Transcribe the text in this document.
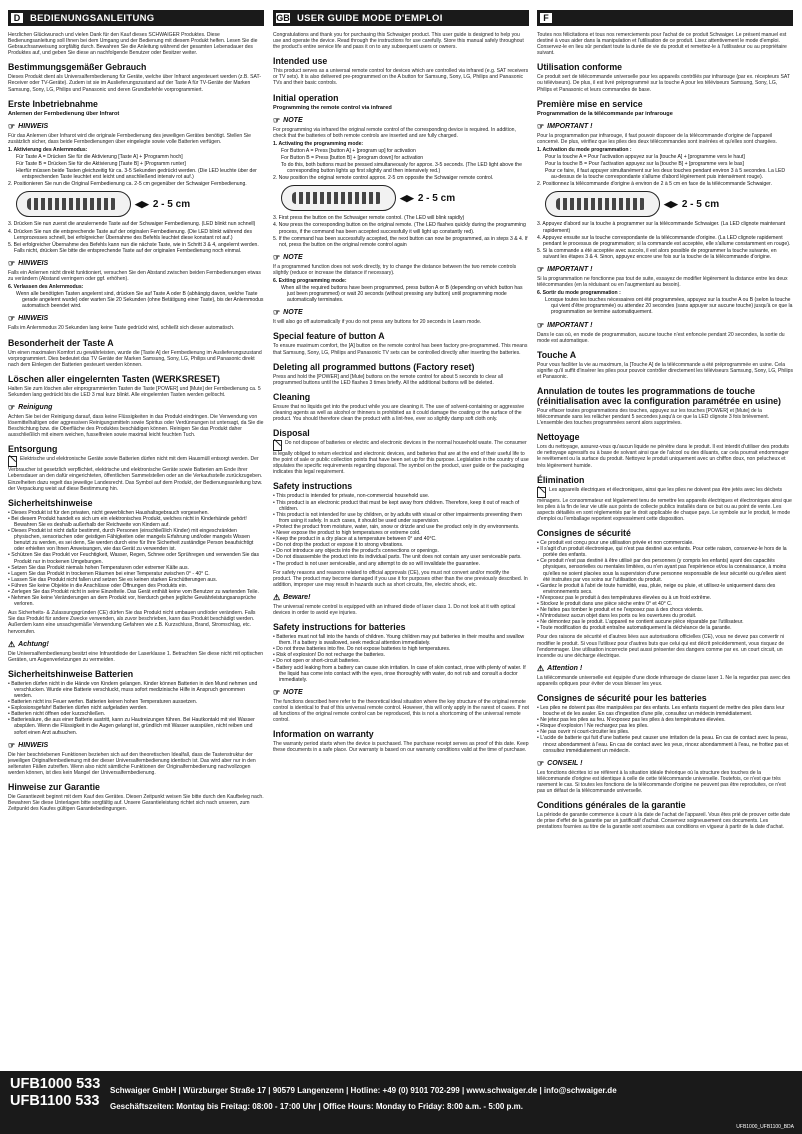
D	BEDIENUNGSANLEITUNG

Herzlichen Glückwunsch und vielen Dank für den Kauf dieses SCHWAIGER Produktes. Diese Bedienungsanleitung soll Ihnen bei dem Umgang und der Bedienung mit diesem Produkt helfen. Lesen Sie die Gebrauchsanweisung sorgfältig durch. Bewahren Sie die Anleitung während der gesamten Lebensdauer des Produktes auf, und geben Sie diese an nachfolgende Benutzer oder Besitzer weiter.

Bestimmungsgemäßer Gebrauch

Dieses Produkt dient als Universalfernbedienung für Geräte, welche über Infrarot angesteuert werden (z.B. SAT-Receiver oder TV-Geräte). Zudem ist sie im Auslieferungszustand auf der Taste A für TV-Geräte der Marken Samsung, Sony, LG, Philips und Panasonic und deren Grundbefehle vorprogrammiert.

Erste Inbetriebnahme
Anlernen der Fernbedienung über Infrarot
☞ HINWEIS

Für das Anlernen über Infrarot wird die originale Fernbedienung des jeweiligen Gerätes benötigt. Stellen Sie zusätzlich sicher, dass beide Fernbedienungen über eingelegte sowie volle Batterien verfügen.

1. Aktivierung des Anlernmodus:
Für Taste A = Drücken Sie für die Aktivierung [Taste A] + [Programm hoch]
Für Taste B = Drücken Sie für die Aktivierung [Taste B] + [Programm runter]
Hierfür müssen beide Tasten gleichzeitig für ca. 3-5 Sekunden gedrückt werden. (Die LED leuchte über der entsprechenden Taste leuchtet erst leicht und anschließend intensiv rot auf.)
2. Positionieren Sie nun die Original Fernbedienung ca. 2-5 cm gegenüber der Schwaiger Fernbedienung.
◀▶ 2 - 5 cm
3. Drücken Sie nun zuerst die anzulernende Taste auf der Schwaiger Fernbedienung. (LED blinkt nun schnell)
4. Drücken Sie nun die entsprechende Taste auf der originalen Fernbedienung. (Die LED blinkt während des Lernprozesses schnell, bei erfolgreicher Übernahme des Befehls leuchtet diese konstant rot auf.)
5. Bei erfolgreicher Übernahme des Befehls kann nun die nächste Taste, wie in Schritt 3 & 4, angelernt werden. Falls nicht, drücken Sie bitte die entsprechende Taste auf der originalen Fernbedienung noch einmal.
☞ HINWEIS

Falls ein Anlernen nicht direkt funktioniert, versuchen Sie den Abstand zwischen beiden Fernbedienungen etwas zu verändern (Abstand verringern oder ggf. erhöhen).

6. Verlassen des Anlernmodus:
Wenn alle benötigten Tasten angelernt sind, drücken Sie auf Taste A oder B (abhängig davon, welche Taste gerade angelernt wurde) oder warten Sie 20 Sekunden (ohne Betätigung einer Taste), bis der Anlernmodus automatisch beendet wird.
☞ HINWEIS

Falls im Anlernmodus 20 Sekunden lang keine Taste gedrückt wird, schließt sich dieser automatisch.

Besonderheit der Taste A

Um einen maximalen Komfort zu gewährleisten, wurde die [Taste A] der Fernbedienung im Auslieferungszustand vorprogrammiert. Dies bedeutet das TV Geräte der Marken Samsung, Sony, LG, Philips und Panasonic direkt nach dem Einlegen der Batterien gesteuert werden können.

Löschen aller eingelernten Tasten (WERKSRESET)

Halten Sie zum löschen aller einprogrammierten Tasten die Taste [POWER] und [Mute] der Fernbedienung ca. 5 Sekunden lang gedrückt bis die LED 3 mal kurz blinkt. Alle eingelernten Tasten werden gelöscht.

☞ Reinigung

Achten Sie bei der Reinigung darauf, dass keine Flüssigkeiten in das Produkt eindringen. Die Verwendung von lösemittelhaltigen oder aggressiven Reinigungsmitteln sowie Spiritus oder Verdünnungen ist untersagt, da Sie die Beschichtung bzw. die Oberfläche des Produktes beschädigen können. Reinigen Sie das Produkt daher ausschließlich mit einem weichen, fusselfreien sowie maximal leicht feuchten Tuch.

Entsorgung

Elektrische und elektronische Geräte sowie Batterien dürfen nicht mit dem Hausmüll entsorgt werden. Der Verbraucher ist gesetzlich verpflichtet, elektrische und elektronische Geräte sowie Batterien am Ende ihrer Lebensdauer an den dafür eingerichteten, öffentlichen Sammelstellen oder an die Verkaufsstelle zurückzugeben. Einzelheiten dazu regelt das jeweilige Landesrecht. Das Symbol auf dem Produkt, der Bedienungsanleitung bzw. der Verpackung weist auf diese Bestimmung hin.

Sicherheitshinweise
• Dieses Produkt ist für den privaten, nicht gewerblichen Haushaltsgebrauch vorgesehen.
• Bei diesem Produkt handelt es sich um ein elektronisches Produkt, welches nicht in Kinderhände gehört! Bewahren Sie es deshalb außerhalb der Reichweite von Kindern auf.
• Dieses Produkt ist nicht dafür bestimmt, durch Personen (einschließlich Kinder) mit eingeschränkten physischen, sensorischen oder geistigen Fähigkeiten oder mangels Erfahrung und/oder mangels Wissen benutzt zu werden, es sei denn, Sie werden durch eine für Ihre Sicherheit zuständige Person beaufsichtigt oder erhielten von Ihnen Anweisungen, wie das Gerät zu verwenden ist.
• Schützen Sie das Produkt vor Feuchtigkeit, Wasser, Regen, Schnee oder Sprühregen und verwenden Sie das Produkt nur in trockenen Umgebungen.
• Setzen Sie das Produkt niemals hohen Temperaturen oder extremer Kälte aus.
• Lagern Sie das Produkt in trockenen Räumen bei einer Temperatur zwischen 0° - 40° C.
• Lassen Sie das Produkt nicht fallen und setzen Sie es keinen starken Erschütterungen aus.
• Führen Sie keine Objekte in die Anschlüsse oder Öffnungen des Produkts ein.
• Zerlegen Sie das Produkt nicht in seine Einzelteile. Das Gerät enthält keine vom Benutzer zu wartenden Teile.
• Nehmen Sie keine Veränderungen an dem Produkt vor, hierdurch gehen jegliche Gewährleistungsansprüche verloren.

Aus Sicherheits- & Zulassungsgründen (CE) dürfen Sie das Produkt nicht umbauen und/oder verändern. Falls Sie das Produkt für andere Zwecke verwenden, als zuvor beschrieben, kann das Produkt beschädigt werden. Außerdem kann eine unsachgemäße Verwendung Gefahren wie z.B. Kurzschluss, Brand, Stromschlag, etc. hervorrufen.

⚠ Achtung!

Die Universalfernbedienung besitzt eine Infrarotdiode der Laserklasse 1. Betrachten Sie diese nicht mit optischen Geräten, um Augenverletzungen zu vermeiden.

Sicherheitshinweise Batterien
• Batterien dürfen nicht in die Hände von Kindern gelangen. Kinder können Batterien in den Mund nehmen und verschlucken. Wurde eine Batterie verschluckt, muss sofort medizinische Hilfe in Anspruch genommen werden.
• Batterien nicht ins Feuer werfen. Batterien keinen hohen Temperaturen aussetzen.
• Explosionsgefahr! Batterien dürfen nicht aufgeladen werden.
• Batterien nicht öffnen oder kurzschließen.
• Batteriesäure, die aus einer Batterie austritt, kann zu Hautreizungen führen. Bei Hautkontakt mit viel Wasser abspülen. Wenn die Flüssigkeit in die Augen gelangt ist, gründlich mit Wasser ausspülen, nicht reiben und sofort einen Arzt aufsuchen.
☞ HINWEIS

Die hier beschriebenen Funktionen beziehen sich auf den theoretischen Idealfall, dass die Tastenstruktur der jeweiligen Originalfernbedienung mit der dieser Universalfernbedienung identisch ist. Das wird aber nur in den seltensten Fällen zutreffen. Wenn also nicht sämtliche Funktionen der Originalfernbedienung nachvollzogen werden können, ist dies kein Mangel der Universalfernbedienung.

Hinweise zur Garantie

Die Garantiezeit beginnt mit dem Kauf des Gerätes. Diesen Zeitpunkt weisen Sie bitte durch den Kaufbeleg nach. Bewahren Sie diese Unterlagen bitte sorgfältig auf. Unsere Garantieleistung richtet sich nach unseren, zum Zeitpunkt des Kaufes gültigen Garantiebedingungen.

GB USER GUIDE MODE D'EMPLOI

Congratulations and thank you for purchasing this Schwaiger product. This user guide is designed to help you use and operate the device. Read through the instructions for use carefully. Store this manual safely throughout the product's entire service life and pass it on to any subsequent users or owners.

Intended use

This product serves as a universal remote control for devices which are controlled via infrared (e.g. SAT receivers or TV sets). It is also delivered pre-programmed on the A button for Samsung, Sony, LG, Philips and Panasonic TVs and their basic controls.

Initial operation
Programming the remote control via infrared
☞ NOTE

For programming via infrared the original remote control of the corresponding device is required. In addition, check that the batteries of both remote controls are inserted and are fully charged.

1. Activating the programming mode:
For Button A = Press [button A] + [program up] for activation
For Button B = Press [button B] + [program down] for activation
To do this, both buttons must be pressed simultaneously for approx. 3-5 seconds. (The LED light above the corresponding button lights up first slightly and then intensively red.)
2. Now position the original remote control approx. 2-5 cm opposite the Schwaiger remote control.
◀▶ 2 - 5 cm
3. First press the button on the Schwaiger remote control. (The LED will blink rapidly)
4. Now press the corresponding button on the original remote. (The LED flashes quickly during the programming process, if the command has been accepted successfully it will light up constantly red).
5. If the command has been successfully accepted, the next button can now be programmed, as in steps 3 & 4. If not, press the button on the original remote control again
☞ NOTE

If a programmed function does not work directly, try to change the distance between the two remote controls slightly (reduce or increase the distance if necessary).

6. Exiting programming mode:
When all the required buttons have been programmed, press button A or B (depending on which button has just been programmed) or wait 20 seconds (without pressing any button) until programming mode automatically terminates.
☞ NOTE

It will also go off automatically if you do not press any buttons for 20 seconds in Learn mode.

Special feature of button A

To ensure maximum comfort, the [A] button on the remote control has been factory pre-programmed. This means that Samsung, Sony, LG, Philips and Panasonic TV sets can be controlled directly after inserting the batteries.

Deleting all programmed buttons (Factory reset)

Press and hold the [POWER] and [Mute] buttons on the remote control for about 5 seconds to clear all programmed buttons until the LED flashes 3 times briefly. All the additional buttons will be deleted.

Cleaning

Ensure that no liquids get into the product while you are cleaning it. The use of solvent-containing or aggressive cleaning agents as well as alcohol or thinners is prohibited as it could damage the coating or the surface of the product. You should therefore clean the product with a lint-free, ever so slightly damp soft cloth only.

Disposal

Do not dispose of batteries or electric and electronic devices in the normal household waste. The consumer is legally obliged to return electrical and electronic devices, and batteries that are at the end of their useful life to the point of sale or public collection points that have been set up for this purpose. Legislation in the country of use stipulates the specific requirements regarding disposal. The symbol on the product, user guide or the packaging indicates this legal requirement.

Safety instructions
• This product is intended for private, non-commercial household use.
• This product is an electronic product that must be kept away from children. Therefore, keep it out of reach of children.
• This product is not intended for use by children, or by adults with visual or other impairments preventing them from using it safely. In such cases, it should be used under supervision.
• Protect the product from moisture, water, rain, snow or drizzle and use the product only in dry environments.
• Never expose the product to high temperatures or extreme cold.
• Keep the product in a dry place at a temperature between 0° and 40°C.
• Do not drop the product or expose it to strong vibrations.
• Do not introduce any objects into the product's connections or openings.
• Do not disassemble the product into its individual parts. The unit does not contain any user serviceable parts.
• The product is not user serviceable, and any attempt to do so will invalidate the guarantee.

For safety reasons and reasons related to official approvals (CE), you must not convert and/or modify the product. The product may become damaged if you use it for purposes other than the one previously described. In addition, improper use may result in hazards such as short circuits, fire, electric shock, etc.

⚠ Beware!

The universal remote control is equipped with an infrared diode of laser class 1. Do not look at it with optical devices in order to avoid eye injuries.

Safety instructions for batteries
• Batteries must not fall into the hands of children. Young children may put batteries in their mouths and swallow them. If a battery is swallowed, seek medical attention immediately.
• Do not throw batteries into fire. Do not expose batteries to high temperatures.
• Risk of explosion! Do not recharge the batteries.
• Do not open or short-circuit batteries.
• Battery acid leaking from a battery can cause skin irritation. In case of skin contact, rinse with plenty of water. If the liquid has come into contact with the eyes, rinse thoroughly with water, do not rub and consult a doctor immediately.
☞ NOTE

The functions described here refer to the theoretical ideal situation where the key structure of the original remote control is identical to that of this universal remote control. However, this will only apply in the rarest of cases. If not all functions of the original remote control can be reproduced, this is not a shortcoming of the universal remote control.

Information on warranty

The warranty period starts when the device is purchased. The purchase receipt serves as proof of this date. Keep these documents in a safe place. Our warranty is based on our warranty conditions valid at the time of purchase.

F

Toutes nos félicitations et tous nos remerciements pour l'achat de ce produit Schwaiger. Le présent manuel est destiné à vous aider dans la manipulation et l'utilisation de ce produit. Lisez attentivement le mode d'emploi. Conservez-le en lieu sûr pendant toute la durée de vie du produit et remettez-le à l'utilisateur ou au propriétaire suivant.

Utilisation conforme

Ce produit sert de télécommande universelle pour les appareils contrôlés par infrarouge (par ex. récepteurs SAT ou téléviseurs). De plus, il est livré préprogrammé sur la touche A pour les téléviseurs Samsung, Sony, LG, Philips et Panasonic et leurs commandes de base.

Première mise en service
Programmation de la télécommande par infrarouge
☞ IMPORTANT !

Pour la programmation par infrarouge, il faut pouvoir disposer de la télécommande d'origine de l'appareil concerné. De plus, vérifiez que les piles des deux télécommandes sont insérées et qu'elles sont chargées.

1. Activation du mode programmation :
Pour la touche A = Pour l'activation appuyez sur la [touche A] + [programme vers le haut]
Pour la touche B = Pour l'activation appuyez sur la [touche B] + [programme vers le bas]
Pour ce faire, il faut appuyer simultanément sur les deux touches pendant environ 3 à 5 secondes. La LED au-dessus de la touche correspondante s'allume d'abord légèrement puis intensément rouge).
2. Positionnez la télécommande d'origine à environ de 2 à 5 cm en face de la télécommande Schwaiger.
◀▶ 2 - 5 cm
3. Appuyez d'abord sur la touche à programmer sur la télécommande Schwaiger. (La LED clignote maintenant rapidement)
4. Appuyez ensuite sur la touche correspondante de la télécommande d'origine. (La LED clignote rapidement pendant le processus de programmation; si la commande est acceptée, elle s'allume constamment en rouge).
5. Si la commande a été acceptée avec succès, il est alors possible de programmer la touche suivante, en suivant les étapes 3 & 4. Sinon, appuyez encore une fois sur la touche de la télécommande d'origine.
☞ IMPORTANT !

Si la programmation ne fonctionne pas tout de suite, essayez de modifier légèrement la distance entre les deux télécommandes (en la réduisant ou en l'augmentant au besoin).

6. Sortir du mode programmation :
Lorsque toutes les touches nécessaires ont été programmées, appuyez sur la touche A ou B (selon la touche qui vient d'être programmée) ou attendez 20 secondes (sans appuyer sur aucune touche) jusqu'à ce que la programmation se termine automatiquement.
☞ IMPORTANT !

Dans le cas où, en mode de programmation, aucune touche n'est enfoncée pendant 20 secondes, la sortie du mode est automatique.

Touche A

Pour vous faciliter la vie au maximum, la [Touche A] de la télécommande a été préprogrammée en usine. Cela signifie qu'il suffit d'insérer les piles pour pouvoir contrôler directement les téléviseurs Samsung, Sony, LG, Philips et Panasonic.

Annulation de toutes les programmations de touche (réinitialisation avec la configuration paramétrée en usine)

Pour effacer toutes programmations des touches, appuyez sur les touches [POWER] et [Mute] de la télécommande sans les relâcher pendant 5 secondes jusqu'à ce que la LED clignote 3 fois brièvement. L'ensemble des touches programmées seront alors supprimées.

Nettoyage

Lors du nettoyage, assurez-vous qu'aucun liquide ne pénètre dans le produit. Il est interdit d'utiliser des produits de nettoyage agressifs ou à base de solvant ainsi que de l'alcool ou des diluants, car cela pourrait endommager le revêtement ou la surface du produit. Nettoyez le produit uniquement avec un chiffon doux, non pelucheux et très légèrement humide.

Élimination

Les appareils électriques et électroniques, ainsi que les piles ne doivent pas être jetés avec les déchets ménagers. Le consommateur est légalement tenu de remettre les appareils électriques et électroniques ainsi que les piles à la fin de leur vie utile aux points de collecte publics installés dans ce but ou au point de vente. Les aspects détaillés en sont réglementés par le droit applicable de chaque pays. Le symbole sur le produit, le mode d'emploi ou l'emballage reportent expressément cette disposition.

Consignes de sécurité
• Ce produit est conçu pour une utilisation privée et non commerciale.
• Il s'agit d'un produit électronique, qui n'est pas destiné aux enfants. Pour cette raison, conservez-le hors de la portée des enfants.
• Ce produit n'est pas destiné à être utilisé par des personnes (y compris les enfants) ayant des capacités physiques, sensorielles ou mentales limitées, ou n'en ayant pas l'expérience et/ou la connaissance, à moins qu'elles ne soient placées sous la supervision d'une personne responsable de leur sécurité ou qu'elles aient été instruites par vos soins sur l'utilisation du produit.
• Gardez le produit à l'abri de toute humidité, eau, pluie, neige ou pluie, et utilisez-le uniquement dans des environnements secs.
• N'exposez pas le produit à des températures élevées ou à un froid extrême.
• Stockez le produit dans une pièce sèche entre 0° et 40° C.
• Ne faites pas tomber le produit et ne l'exposez pas à des chocs violents.
• N'introduisez aucun objet dans les ports ou les ouvertures du produit.
• Ne démontez pas le produit. L'appareil ne contient aucune pièce réparable par l'utilisateur.
• Toute modification du produit entraîne automatiquement la déchéance de la garantie.

Pour des raisons de sécurité et d'autres liées aux autorisations officielles (CE), vous ne devez pas convertir ni modifier le produit. Si vous l'utilisez pour d'autres buts que celui qui est décrit précédemment, vous risquez de l'endommager. Une utilisation incorrecte peut aussi présenter des dangers comme par ex. un court circuit, un incendie ou une décharge électrique.

⚠ Attention !

La télécommande universelle est équipée d'une diode infrarouge de classe laser 1. Ne la regardez pas avec des appareils optiques pour éviter de vous blesser les yeux.

Consignes de sécurité pour les batteries
• Les piles ne doivent pas être manipulées par des enfants. Les enfants risquent de mettre des piles dans leur bouche et de les avaler. En cas d'ingestion d'une pile, consultez un médecin immédiatement.
• Ne jetez pas les piles au feu. N'exposez pas les piles à des températures élevées.
• Risque d'explosion ! Ne rechargez pas les piles.
• Ne pas ouvrir ni court-circuiter les piles.
• L'acide de batterie qui fuit d'une batterie peut causer une irritation de la peau. En cas de contact avec la peau, rincez abondamment à l'eau. En cas de contact avec les yeux, rincez abondamment à l'eau, ne frottez pas et consultez immédiatement un médecin.
☞ CONSEIL !

Les fonctions décrites ici se réfèrent à la situation idéale théorique où la structure des touches de la télécommande d'origine est identique à celle de cette télécommande universelle. Toutefois, ce n'est que très rarement le cas. Si toutes les fonctions de la télécommande d'origine ne peuvent pas être reproduites, ce n'est pas un défaut de la télécommande universelle.

Conditions générales de la garantie

La période de garantie commence à courir à la date de l'achat de l'appareil. Vous êtes prié de prouver cette date de prise d'effet de la garantie par un justificatif d'achat. Conservez soigneusement ces documents. Les prestations fournies au titre de la garantie sont soumises aux conditions en vigueur à partir de la date d'achat.

UFB1000 533
UFB1100 533
Schwaiger GmbH | Würzburger Straße 17 | 90579 Langenzenn | Hotline: +49 (0) 9101 702-299 | www.schwaiger.de | info@schwaiger.de
Geschäftszeiten: Montag bis Freitag: 08:00 - 17:00 Uhr | Office Hours: Monday to Friday: 8:00 a.m. - 5:00 p.m.
UFB1000_UFB1100_BDA
